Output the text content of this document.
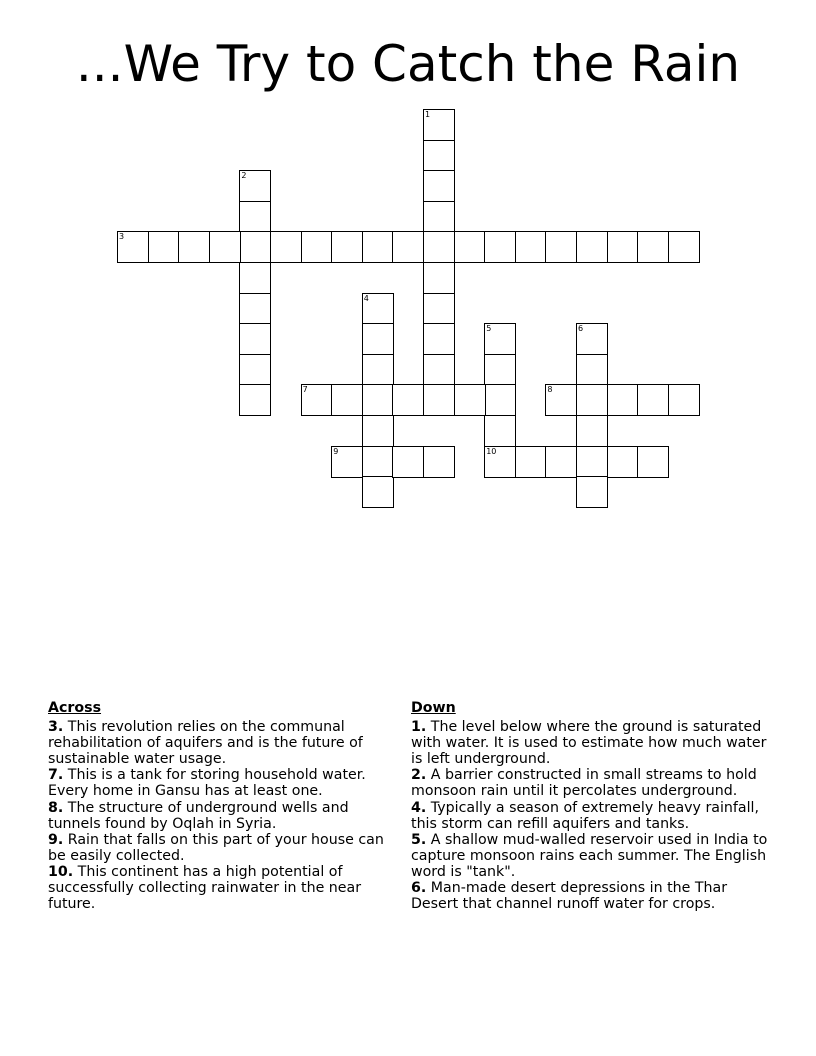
...We Try to Catch the Rain
1
2
3
4
5
10
6
7	8
9
Across
3. This revolution relies on the communal rehabilitation of aquifers and is the future of sustainable water usage.
7. This is a tank for storing household water. Every home in Gansu has at least one.
8. The structure of underground wells and tunnels found by Oqlah in Syria.
9. Rain that falls on this part of your house can be easily collected.
10. This continent has a high potential of successfully collecting rainwater in the near future.
Down
1. The level below where the ground is saturated with water. It is used to estimate how much water is left underground.
2. A barrier constructed in small streams to hold monsoon rain until it percolates underground.
4. Typically a season of extremely heavy rainfall, this storm can refill aquifers and tanks.
5. A shallow mud-walled reservoir used in India to capture monsoon rains each summer. The English word is "tank".
6. Man-made desert depressions in the Thar Desert that channel runoff water for crops.
